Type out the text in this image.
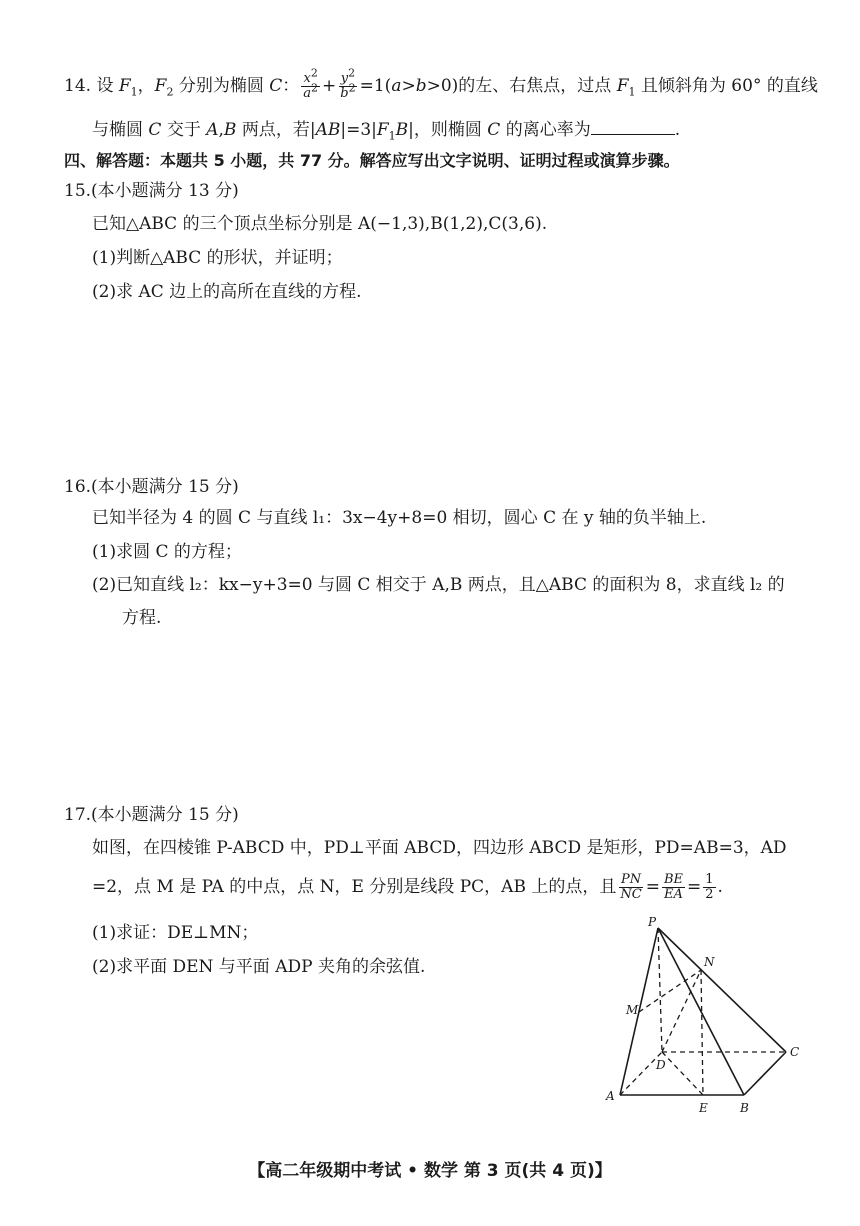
14. 设 $F_1$，$F_2$ 分别为椭圆 C： $\frac{x^2}{a^2} + \frac{y^2}{b^2} =1(a>b>0)$的左、右焦点，过点 $F_1$ 且倾斜角为 60° 的直线
与椭圆 C 交于 A,B 两点，若$|AB|=3|F_1B|$，则椭圆 C 的离心率为	.
四、解答题：本题共 5 小题，共 77 分。解答应写出文字说明、证明过程或演算步骤。
15.(本小题满分 13 分)
已知△ABC 的三个顶点坐标分别是 A(−1,3),B(1,2),C(3,6).
(1)判断△ABC 的形状，并证明；
(2)求 AC 边上的高所在直线的方程.
16.(本小题满分 15 分)
已知半径为 4 的圆 C 与直线 l₁：3x−4y+8=0 相切，圆心 C 在 y 轴的负半轴上.
(1)求圆 C 的方程；
(2)已知直线 l₂：kx−y+3=0 与圆 C 相交于 A,B 两点，且△ABC 的面积为 8，求直线 l₂ 的
方程.
17.(本小题满分 15 分)
如图，在四棱锥 P-ABCD 中，PD⊥平面 ABCD，四边形 ABCD 是矩形，PD=AB=3，AD
=2，点 M 是 PA 的中点，点 N，E 分别是线段 PC，AB 上的点，且 $\frac{PN}{NC} = \frac{BE}{EA} = \frac{1}{2}$ .
(1)求证：DE⊥MN；
(2)求平面 DEN 与平面 ADP 夹角的余弦值.
P
N
M
D
C
A
E	B
【高二年级期中考试 • 数学 第 3 页(共 4 页)】
